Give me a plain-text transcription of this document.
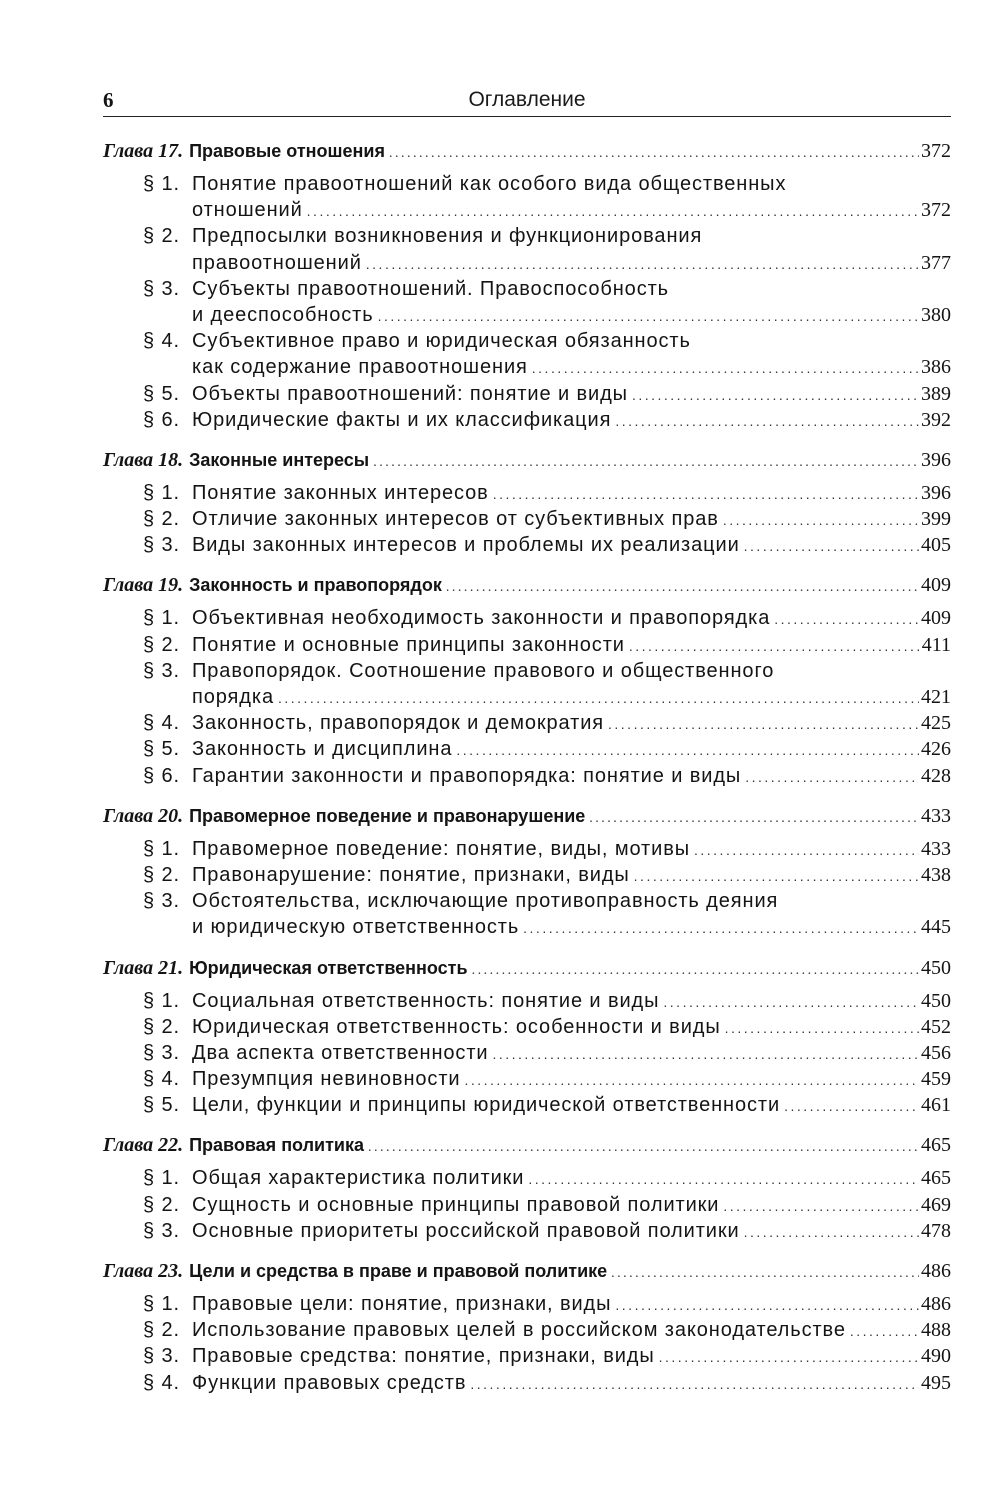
6	Оглавление
Глава 17. Правовые отношения .....	372
§ 1. Понятие правоотношений как особого вида общественных
отношений .....	372
§ 2. Предпосылки возникновения и функционирования
правоотношений .....	377
§ 3. Субъекты правоотношений. Правоспособность
и дееспособность .....	380
§ 4. Субъективное право и юридическая обязанность
как содержание правоотношения .....	386
§ 5. Объекты правоотношений: понятие и виды .....	389
§ 6. Юридические факты и их классификация .....	392
Глава 18. Законные интересы .....	396
§ 1. Понятие законных интересов .....	396
§ 2. Отличие законных интересов от субъективных прав .....	399
§ 3. Виды законных интересов и проблемы их реализации .....	405
Глава 19. Законность и правопорядок .....	409
§ 1. Объективная необходимость законности и правопорядка .....	409
§ 2. Понятие и основные принципы законности .....	411
§ 3. Правопорядок. Соотношение правового и общественного
порядка .....	421
§ 4. Законность, правопорядок и демократия .....	425
§ 5. Законность и дисциплина .....	426
§ 6. Гарантии законности и правопорядка: понятие и виды .....	428
Глава 20. Правомерное поведение и правонарушение .....	433
§ 1. Правомерное поведение: понятие, виды, мотивы .....	433
§ 2. Правонарушение: понятие, признаки, виды .....	438
§ 3. Обстоятельства, исключающие противоправность деяния
и юридическую ответственность .....	445
Глава 21. Юридическая ответственность .....	450
§ 1. Социальная ответственность: понятие и виды .....	450
§ 2. Юридическая ответственность: особенности и виды .....	452
§ 3. Два аспекта ответственности .....	456
§ 4. Презумпция невиновности .....	459
§ 5. Цели, функции и принципы юридической ответственности .....	461
Глава 22. Правовая политика .....	465
§ 1. Общая характеристика политики .....	465
§ 2. Сущность и основные принципы правовой политики .....	469
§ 3. Основные приоритеты российской правовой политики .....	478
Глава 23. Цели и средства в праве и правовой политике .....	486
§ 1. Правовые цели: понятие, признаки, виды .....	486
§ 2. Использование правовых целей в российском законодательстве .....	488
§ 3. Правовые средства: понятие, признаки, виды .....	490
§ 4. Функции правовых средств .....	495
